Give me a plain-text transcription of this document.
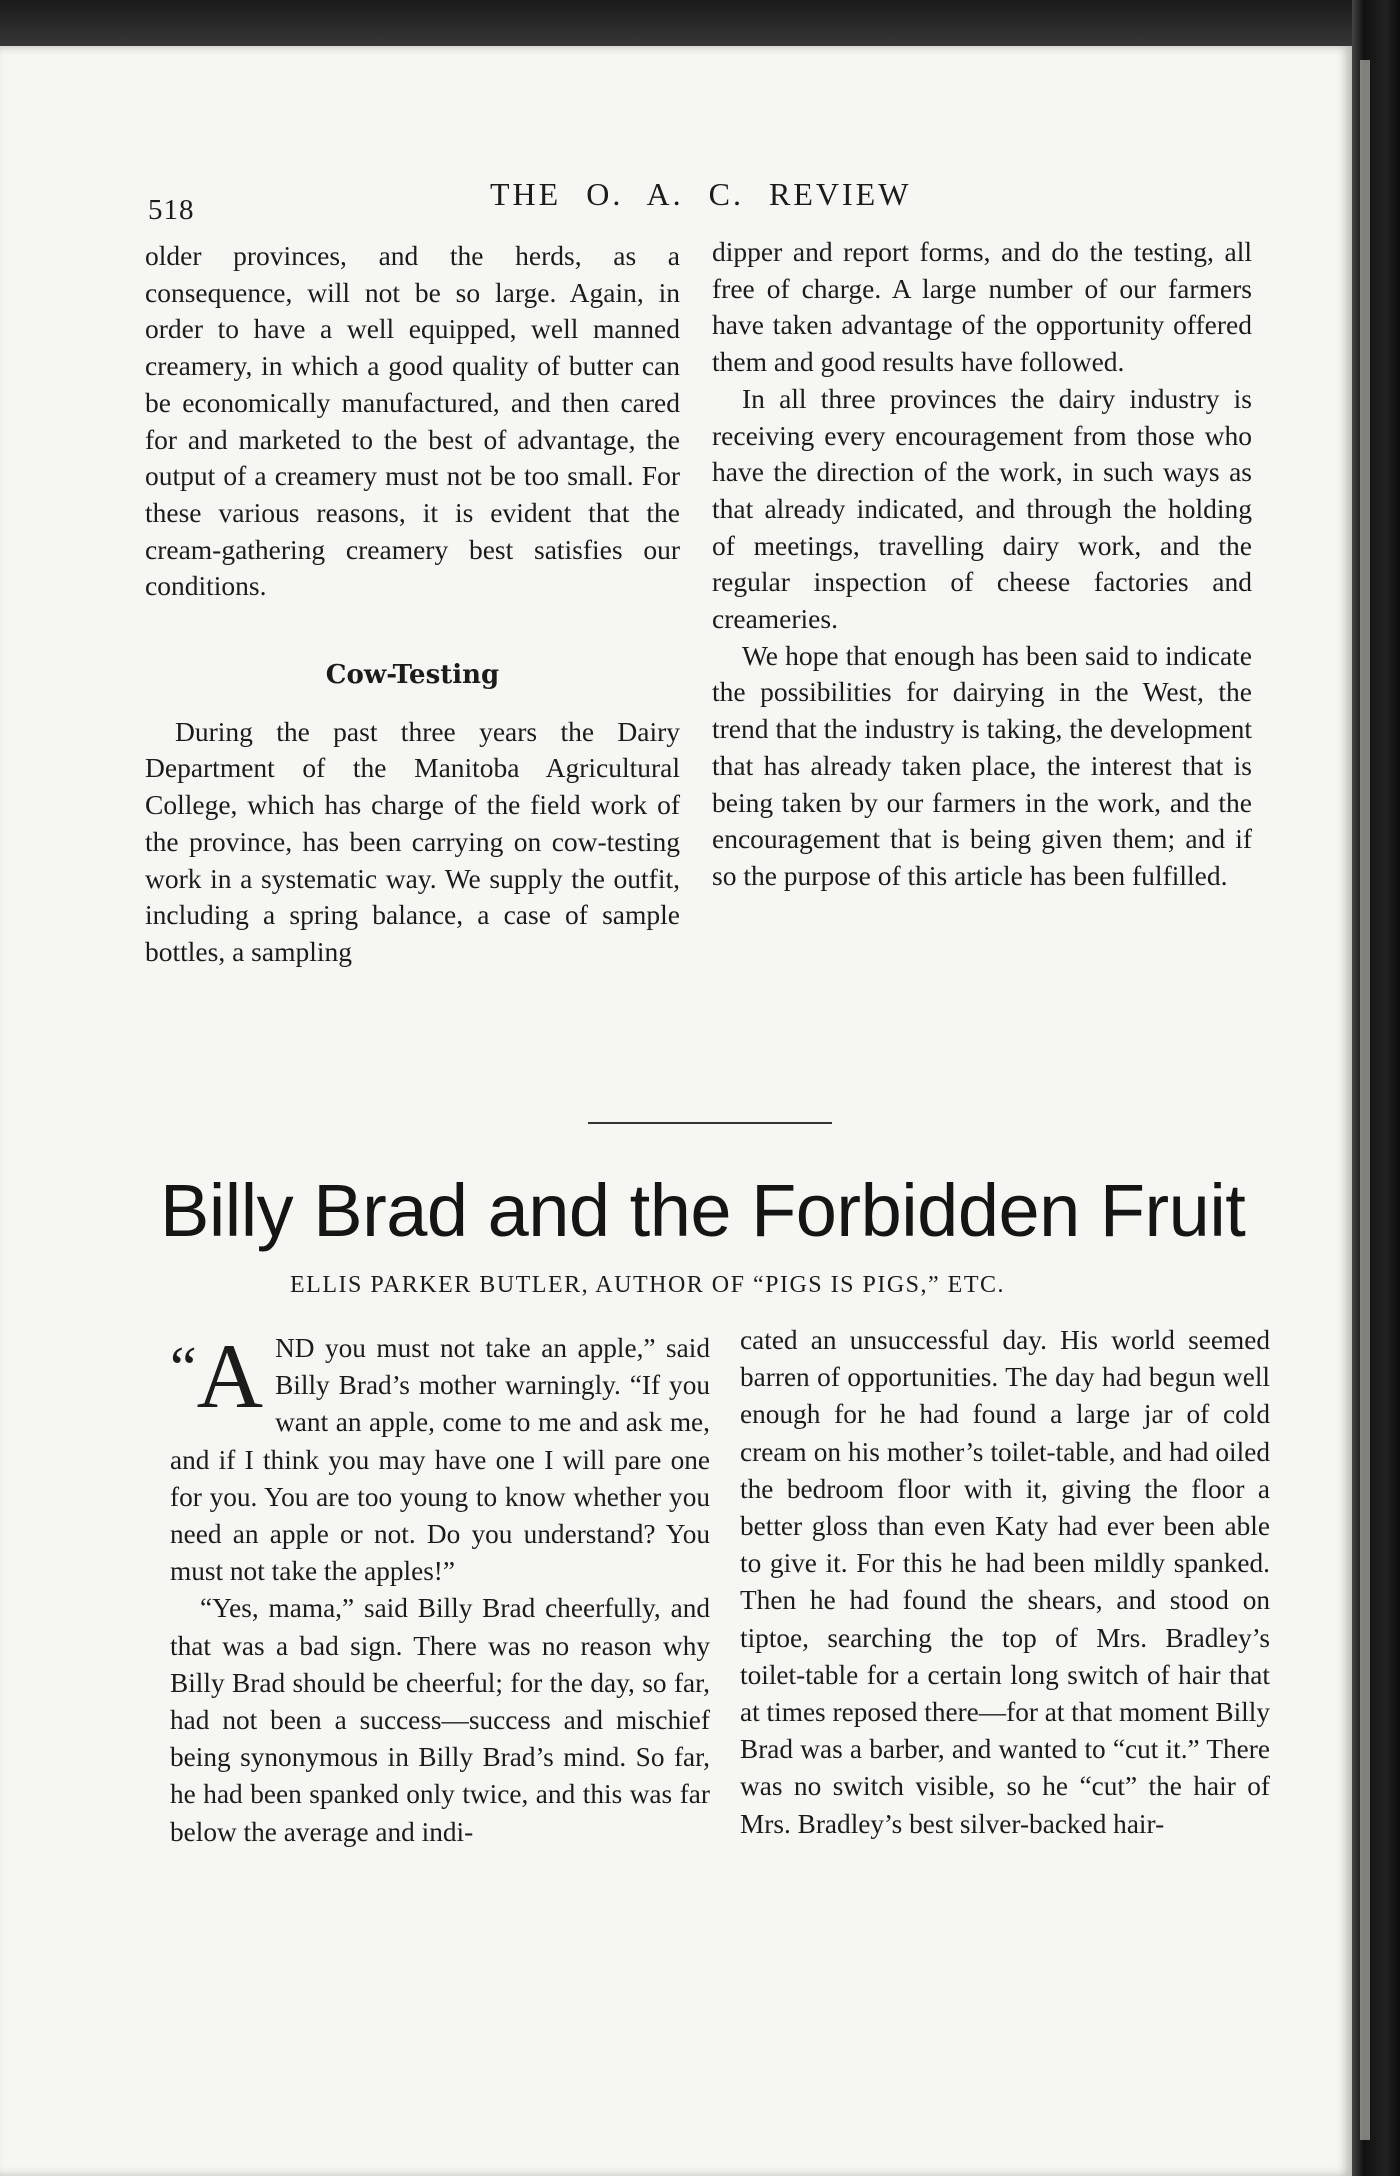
518	THE O. A. C. REVIEW

older provinces, and the herds, as a consequence, will not be so large. Again, in order to have a well equipped, well manned creamery, in which a good quality of butter can be economically manufactured, and then cared for and marketed to the best of advantage, the output of a creamery must not be too small. For these various reasons, it is evident that the cream-gathering creamery best satisfies our conditions.

Cow-Testing

During the past three years the Dairy Department of the Manitoba Agricultural College, which has charge of the field work of the province, has been carrying on cow-testing work in a systematic way. We supply the outfit, including a spring balance, a case of sample bottles, a sampling

dipper and report forms, and do the testing, all free of charge. A large number of our farmers have taken advantage of the opportunity offered them and good results have followed.

In all three provinces the dairy industry is receiving every encouragement from those who have the direction of the work, in such ways as that already indicated, and through the holding of meetings, travelling dairy work, and the regular inspection of cheese factories and creameries.

We hope that enough has been said to indicate the possibilities for dairying in the West, the trend that the industry is taking, the development that has already taken place, the interest that is being taken by our farmers in the work, and the encouragement that is being given them; and if so the purpose of this article has been fulfilled.

Billy Brad and the Forbidden Fruit
ELLIS PARKER BUTLER, AUTHOR OF “PIGS IS PIGS,” ETC.

“A ND you must not take an apple,” said Billy Brad’s mother warningly. “If you want an apple, come to me and ask me, and if I think you may have one I will pare one for you. You are too young to know whether you need an apple or not. Do you understand? You must not take the apples!”

“Yes, mama,” said Billy Brad cheerfully, and that was a bad sign. There was no reason why Billy Brad should be cheerful; for the day, so far, had not been a success—success and mischief being synonymous in Billy Brad’s mind. So far, he had been spanked only twice, and this was far below the average and indi-

cated an unsuccessful day. His world seemed barren of opportunities. The day had begun well enough for he had found a large jar of cold cream on his mother’s toilet-table, and had oiled the bedroom floor with it, giving the floor a better gloss than even Katy had ever been able to give it. For this he had been mildly spanked. Then he had found the shears, and stood on tiptoe, searching the top of Mrs. Bradley’s toilet-table for a certain long switch of hair that at times reposed there—for at that moment Billy Brad was a barber, and wanted to “cut it.” There was no switch visible, so he “cut” the hair of Mrs. Bradley’s best silver-backed hair-
